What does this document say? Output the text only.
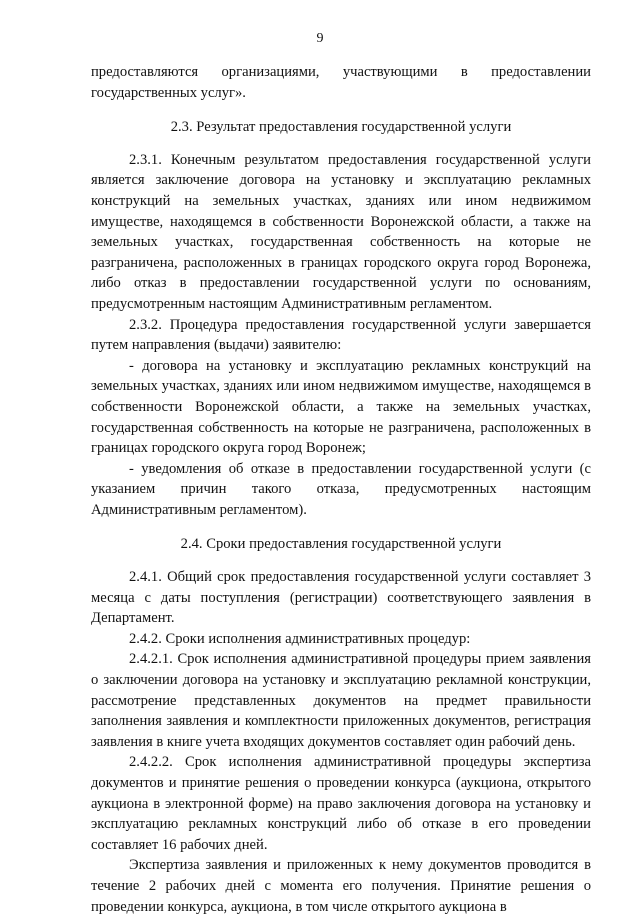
9

предоставляются организациями, участвующими в предоставлении государственных услуг».

2.3. Результат предоставления государственной услуги

2.3.1. Конечным результатом предоставления государственной услуги является заключение договора на установку и эксплуатацию рекламных конструкций на земельных участках, зданиях или ином недвижимом имуществе, находящемся в собственности Воронежской области, а также на земельных участках, государственная собственность на которые не разграничена, расположенных в границах городского округа город Воронежа, либо отказ в предоставлении государственной услуги по основаниям, предусмотренным настоящим Административным регламентом.

2.3.2. Процедура предоставления государственной услуги завершается путем направления (выдачи) заявителю:

- договора на установку и эксплуатацию рекламных конструкций на земельных участках, зданиях или ином недвижимом имуществе, находящемся в собственности Воронежской области, а также на земельных участках, государственная собственность на которые не разграничена, расположенных в границах городского округа город Воронеж;

- уведомления об отказе в предоставлении государственной услуги (с указанием причин такого отказа, предусмотренных настоящим Административным регламентом).

2.4. Сроки предоставления государственной услуги

2.4.1. Общий срок предоставления государственной услуги составляет 3 месяца с даты поступления (регистрации) соответствующего заявления в Департамент.

2.4.2. Сроки исполнения административных процедур:

2.4.2.1. Срок исполнения административной процедуры прием заявления о заключении договора на установку и эксплуатацию рекламной конструкции, рассмотрение представленных документов на предмет правильности заполнения заявления и комплектности приложенных документов, регистрация заявления в книге учета входящих документов составляет один рабочий день.

2.4.2.2. Срок исполнения административной процедуры экспертиза документов и принятие решения о проведении конкурса (аукциона, открытого аукциона в электронной форме) на право заключения договора на установку и эксплуатацию рекламных конструкций либо об отказе в его проведении составляет 16 рабочих дней.

Экспертиза заявления и приложенных к нему документов проводится в течение 2 рабочих дней с момента его получения. Принятие решения о проведении конкурса, аукциона, в том числе открытого аукциона в
